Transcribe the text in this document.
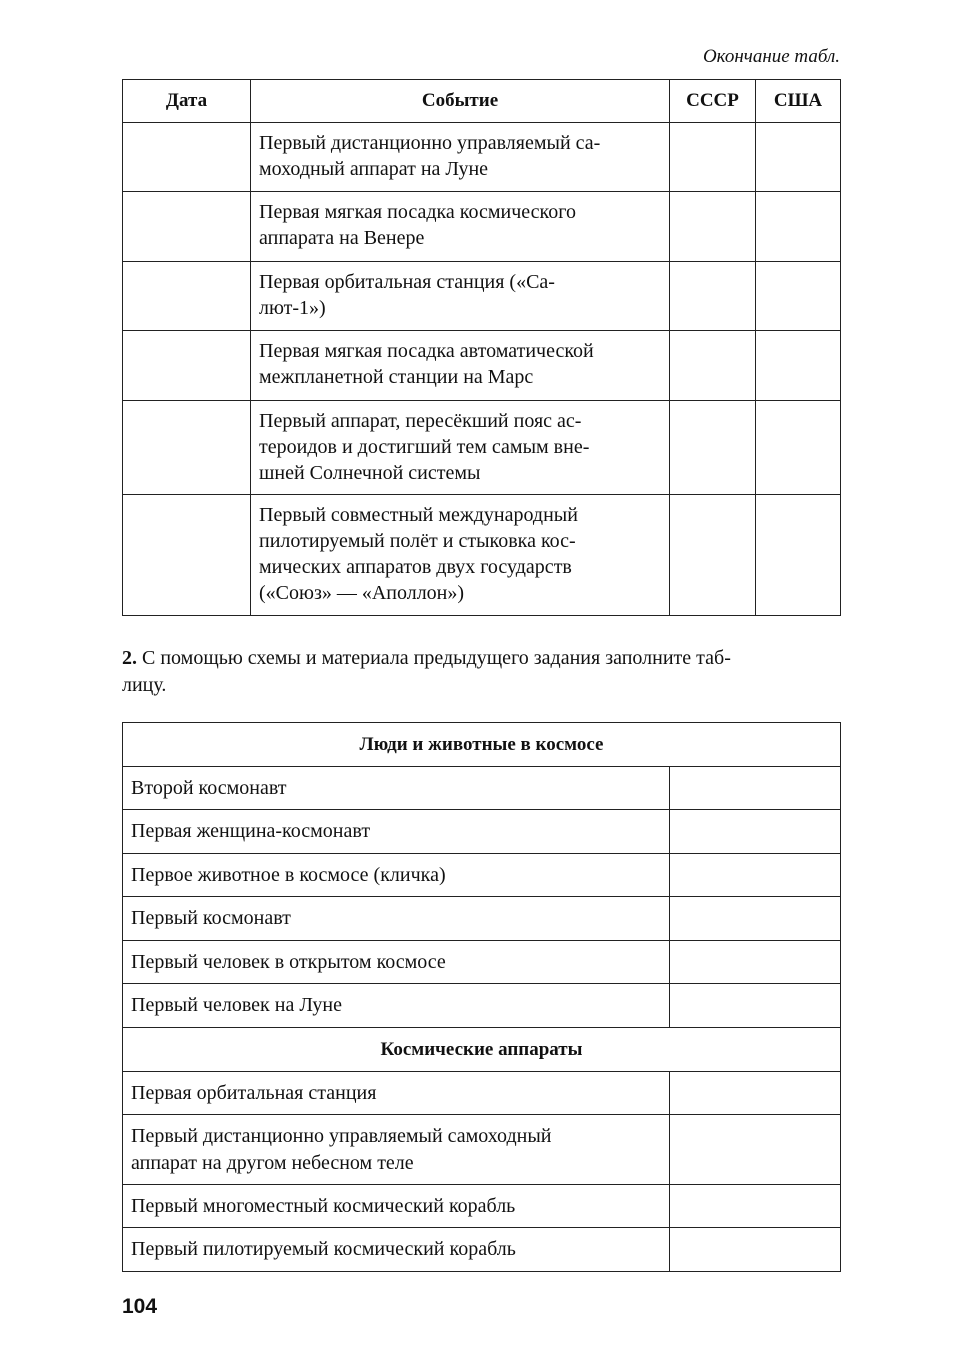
Окончание табл.
Дата	Событие	СССР	США

	Первый дистанционно управляемый са-
моходный аппарат на Луне		

	Первая мягкая посадка космического
аппарата на Венере		

	Первая орбитальная станция («Са-
лют-1»)		

	Первая мягкая посадка автоматической
межпланетной станции на Марс		

	Первый аппарат, пересёкший пояс ас-
тероидов и достигший тем самым вне-
шней Солнечной системы		

	Первый совместный международный
пилотируемый полёт и стыковка кос-
мических аппаратов двух государств
(«Союз» — «Аполлон»)		

2. С помощью схемы и материала предыдущего задания заполните таб-
лицу.
Люди и животные в космосе	
Второй космонавт	
Первая женщина-космонавт	
Первое животное в космосе (кличка)	
Первый космонавт	
Первый человек в открытом космосе	
Первый человек на Луне	
Космические аппараты	
Первая орбитальная станция	

Первый дистанционно управляемый самоходный
аппарат на другом небесном теле	

Первый многоместный космический корабль	
Первый пилотируемый космический корабль	
104
